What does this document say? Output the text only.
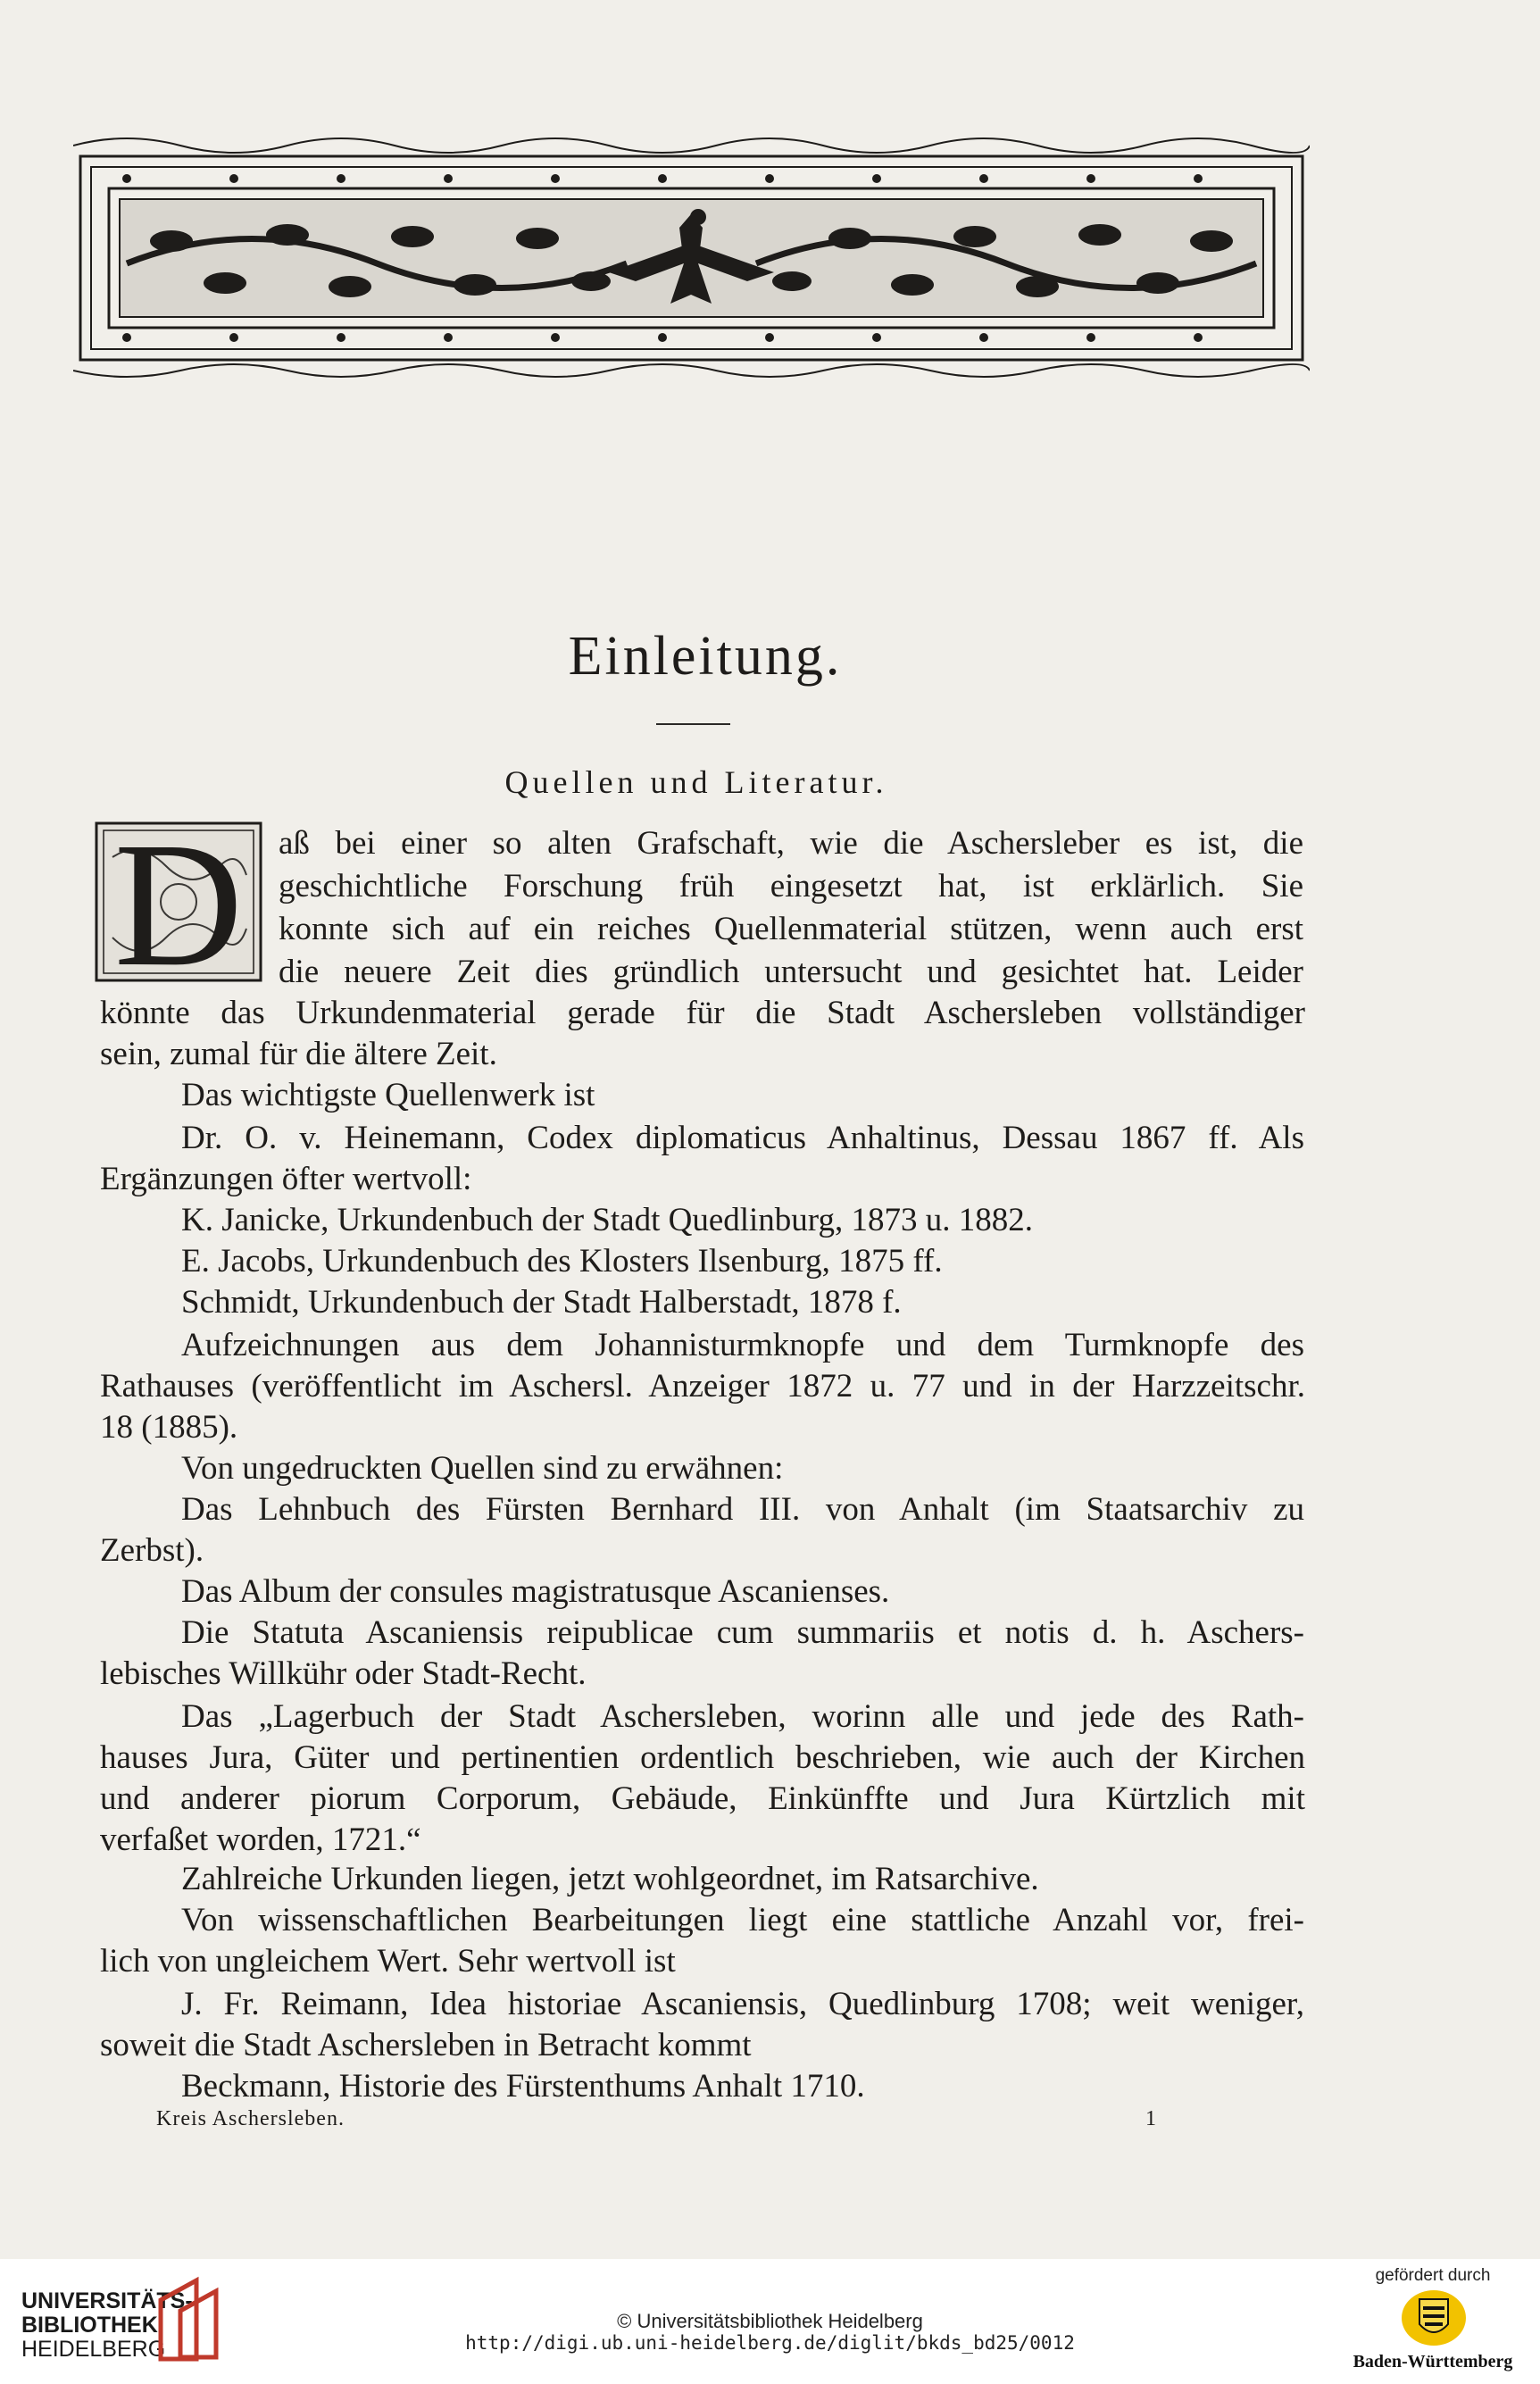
Einleitung.
Quellen und Literatur.
D aß bei einer so alten Grafschaft, wie die Aschersleber es ist, die
geschichtliche Forschung früh eingesetzt hat, ist erklärlich. Sie
konnte sich auf ein reiches Quellenmaterial stützen, wenn auch erst
die neuere Zeit dies gründlich untersucht und gesichtet hat. Leider
könnte das Urkundenmaterial gerade für die Stadt Aschersleben vollständiger
sein, zumal für die ältere Zeit.
Das wichtigste Quellenwerk ist
Dr. O. v. Heinemann, Codex diplomaticus Anhaltinus, Dessau 1867 ff. Als
Ergänzungen öfter wertvoll:
K. Janicke, Urkundenbuch der Stadt Quedlinburg, 1873 u. 1882.
E. Jacobs, Urkundenbuch des Klosters Ilsenburg, 1875 ff.
Schmidt, Urkundenbuch der Stadt Halberstadt, 1878 f.
Aufzeichnungen aus dem Johannisturmknopfe und dem Turmknopfe des
Rathauses (veröffentlicht im Aschersl. Anzeiger 1872 u. 77 und in der Harzzeitschr.
18 (1885).
Von ungedruckten Quellen sind zu erwähnen:
Das Lehnbuch des Fürsten Bernhard III. von Anhalt (im Staatsarchiv zu
Zerbst).
Das Album der consules magistratusque Ascanienses.
Die Statuta Ascaniensis reipublicae cum summariis et notis d. h. Aschers-
lebisches Willkühr oder Stadt-Recht.
Das „Lagerbuch der Stadt Aschersleben, worinn alle und jede des Rath-
hauses Jura, Güter und pertinentien ordentlich beschrieben, wie auch der Kirchen
und anderer piorum Corporum, Gebäude, Einkünffte und Jura Kürtzlich mit
verfaßet worden, 1721.“
Zahlreiche Urkunden liegen, jetzt wohlgeordnet, im Ratsarchive.
Von wissenschaftlichen Bearbeitungen liegt eine stattliche Anzahl vor, frei-
lich von ungleichem Wert. Sehr wertvoll ist
J. Fr. Reimann, Idea historiae Ascaniensis, Quedlinburg 1708; weit weniger,
soweit die Stadt Aschersleben in Betracht kommt
Beckmann, Historie des Fürstenthums Anhalt 1710.
Kreis Aschersleben.	1
UNIVERSITÄTS-
BIBLIOTHEK
HEIDELBERG
© Universitätsbibliothek Heidelberg
http://digi.ub.uni-heidelberg.de/diglit/bkds_bd25/0012
gefördert durch
Baden-Württemberg
